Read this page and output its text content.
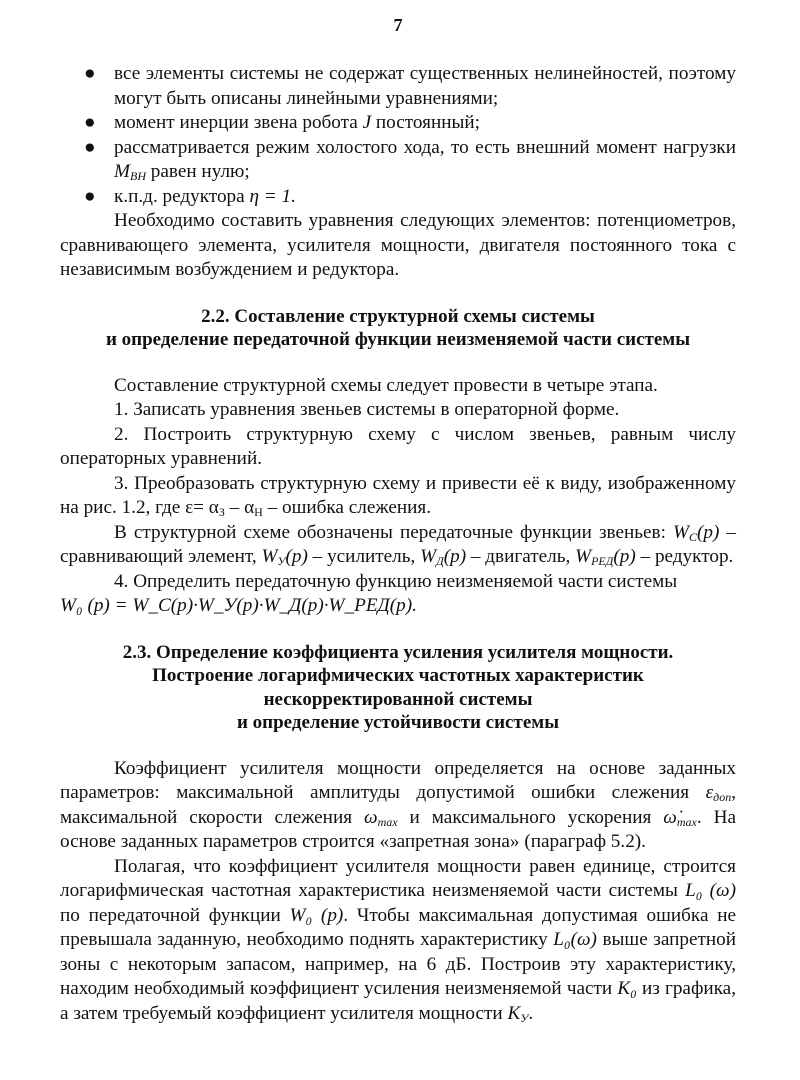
7
● все элементы системы не содержат существенных нелинейностей, поэтому могут быть описаны линейными уравнениями;
● момент инерции звена робота J постоянный;
● рассматривается режим холостого хода, то есть внешний момент нагрузки $M_{ВН}$ равен нулю;
● к.п.д. редуктора η = 1.

Необходимо составить уравнения следующих элементов: потенциометров, сравнивающего элемента, усилителя мощности, двигателя постоянного тока с независимым возбуждением и редуктора.

2.2. Составление структурной схемы системы
и определение передаточной функции неизменяемой части системы

Составление структурной схемы следует провести в четыре этапа.

1. Записать уравнения звеньев системы в операторной форме.

2. Построить структурную схему с числом звеньев, равным числу операторных уравнений.

3. Преобразовать структурную схему и привести её к виду, изображенному на рис. 1.2, где $\varepsilon= \alpha_З - \alpha_Н$ – ошибка слежения.

В структурной схеме обозначены передаточные функции звеньев: $W_С(p)$ – сравнивающий элемент, $W_У(p)$ – усилитель, $W_Д(p)$ – двигатель, $W_{РЕД}(p)$ – редуктор.

4. Определить передаточную функцию неизменяемой части системы

W₀ (p) = W_С(p)·W_У(p)·W_Д(p)·W_РЕД(p).

2.3. Определение коэффициента усиления усилителя мощности.
Построение логарифмических частотных характеристик
нескорректированной системы
и определение устойчивости системы

Коэффициент усилителя мощности определяется на основе заданных параметров: максимальной амплитуды допустимой ошибки слежения $\varepsilon_{доп}$, максимальной скорости слежения $\omega_{max}$ и максимального ускорения $\omegȧ_{max}$. На основе заданных параметров строится «запретная зона» (параграф 5.2).

Полагая, что коэффициент усилителя мощности равен единице, строится логарифмическая частотная характеристика неизменяемой части системы L₀ (ω) по передаточной функции W₀ (p). Чтобы максимальная допустимая ошибка не превышала заданную, необходимо поднять характеристику L₀(ω) выше запретной зоны с некоторым запасом, например, на 6 дБ. Построив эту характеристику, находим необходимый коэффициент усиления неизменяемой части K₀ из графика, а затем требуемый коэффициент усилителя мощности $K_У$.
